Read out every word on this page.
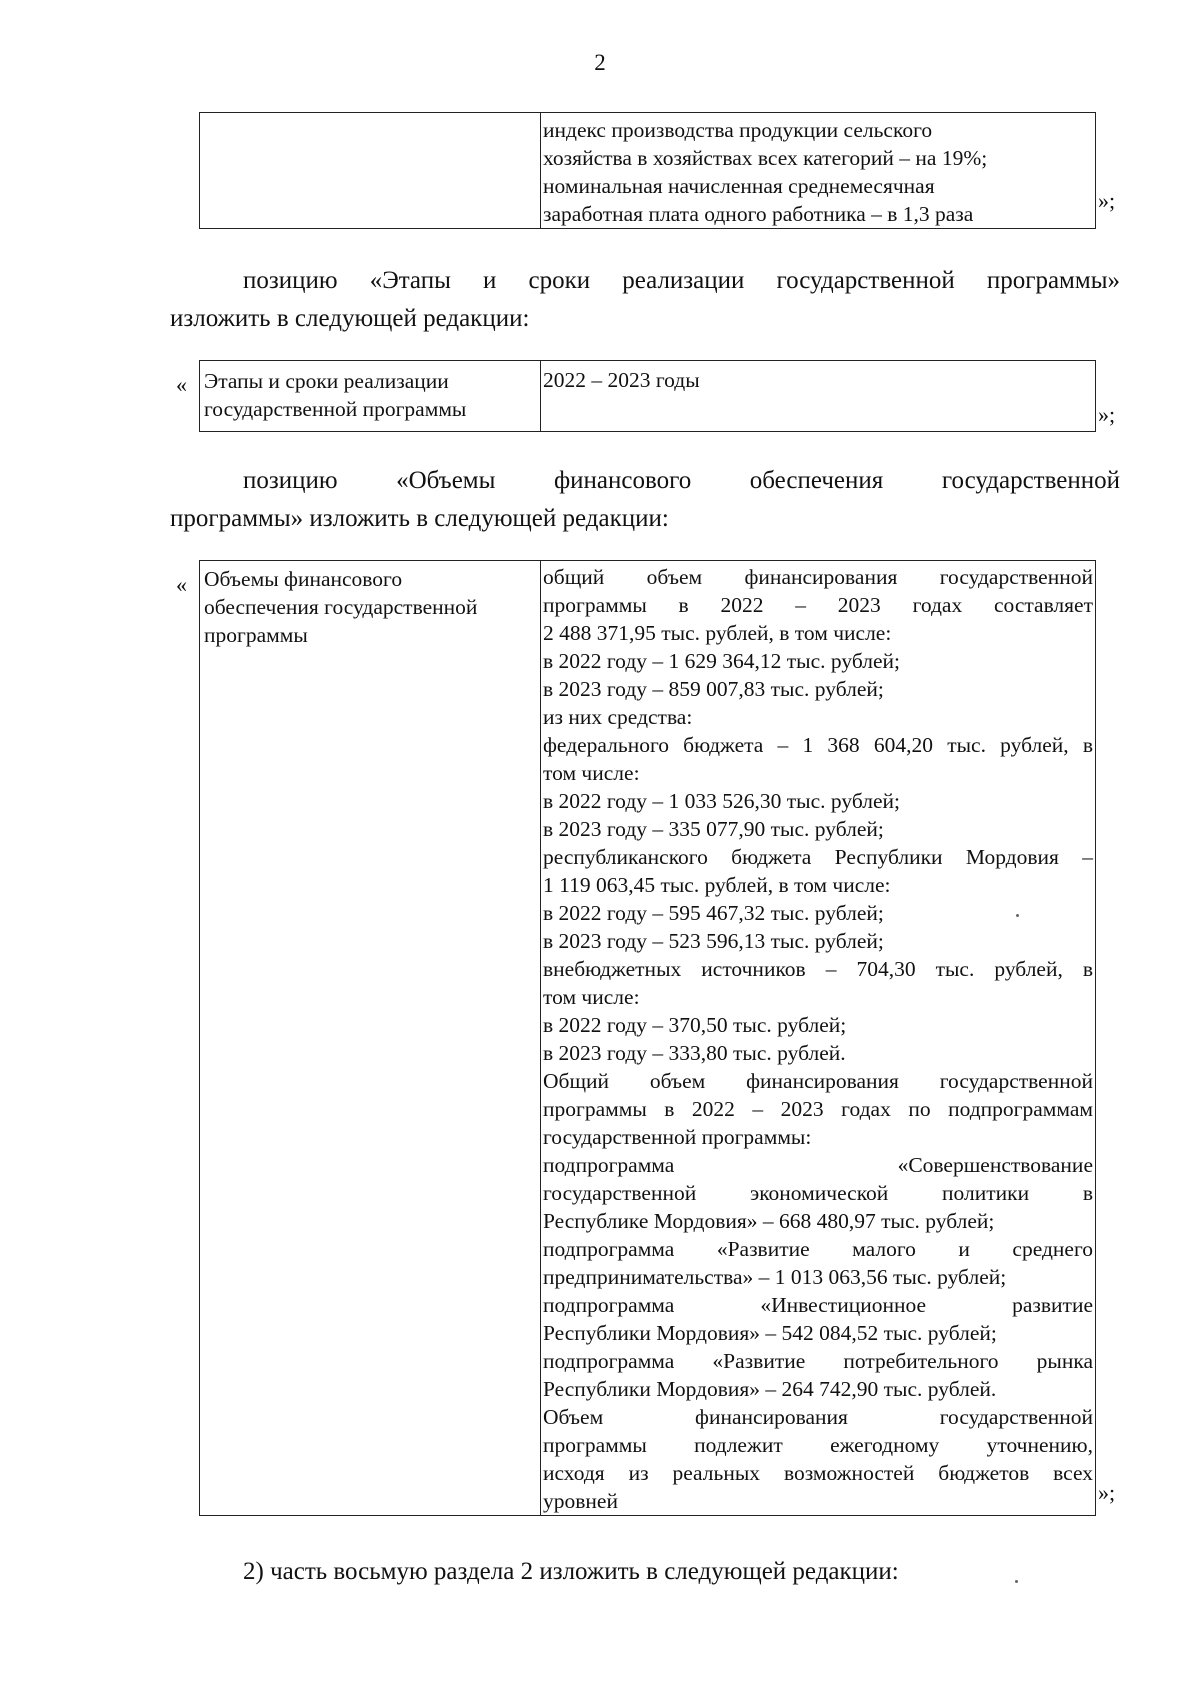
2
индекс производства продукции сельского
хозяйства в хозяйствах всех категорий – на 19%;
номинальная начисленная среднемесячная
заработная плата одного работника – в 1,3 раза
»;
позицию «Этапы и сроки реализации государственной программы»
изложить в следующей редакции:
« Этапы и сроки реализации
государственной программы
2022 – 2023 годы
»;
позицию «Объемы финансового обеспечения государственной
программы» изложить в следующей редакции:
« Объемы финансового
обеспечения государственной
программы
общий объем финансирования государственной
программы в 2022 – 2023 годах составляет
2 488 371,95 тыс. рублей, в том числе:
в 2022 году – 1 629 364,12 тыс. рублей;
в 2023 году – 859 007,83 тыс. рублей;
из них средства:
федерального бюджета – 1 368 604,20 тыс. рублей, в
том числе:
в 2022 году – 1 033 526,30 тыс. рублей;
в 2023 году – 335 077,90 тыс. рублей;
республиканского бюджета Республики Мордовия –
1 119 063,45 тыс. рублей, в том числе:
в 2022 году – 595 467,32 тыс. рублей;
в 2023 году – 523 596,13 тыс. рублей;
внебюджетных источников – 704,30 тыс. рублей, в
том числе:
в 2022 году – 370,50 тыс. рублей;
в 2023 году – 333,80 тыс. рублей.
Общий объем финансирования государственной
программы в 2022 – 2023 годах по подпрограммам
государственной программы:
подпрограмма «Совершенствование
государственной экономической политики в
Республике Мордовия» – 668 480,97 тыс. рублей;
подпрограмма «Развитие малого и среднего
предпринимательства» – 1 013 063,56 тыс. рублей;
подпрограмма «Инвестиционное развитие
Республики Мордовия» – 542 084,52 тыс. рублей;
подпрограмма «Развитие потребительного рынка
Республики Мордовия» – 264 742,90 тыс. рублей.
Объем финансирования государственной
программы подлежит ежегодному уточнению,
исходя из реальных возможностей бюджетов всех
уровней	»;
2) часть восьмую раздела 2 изложить в следующей редакции:
